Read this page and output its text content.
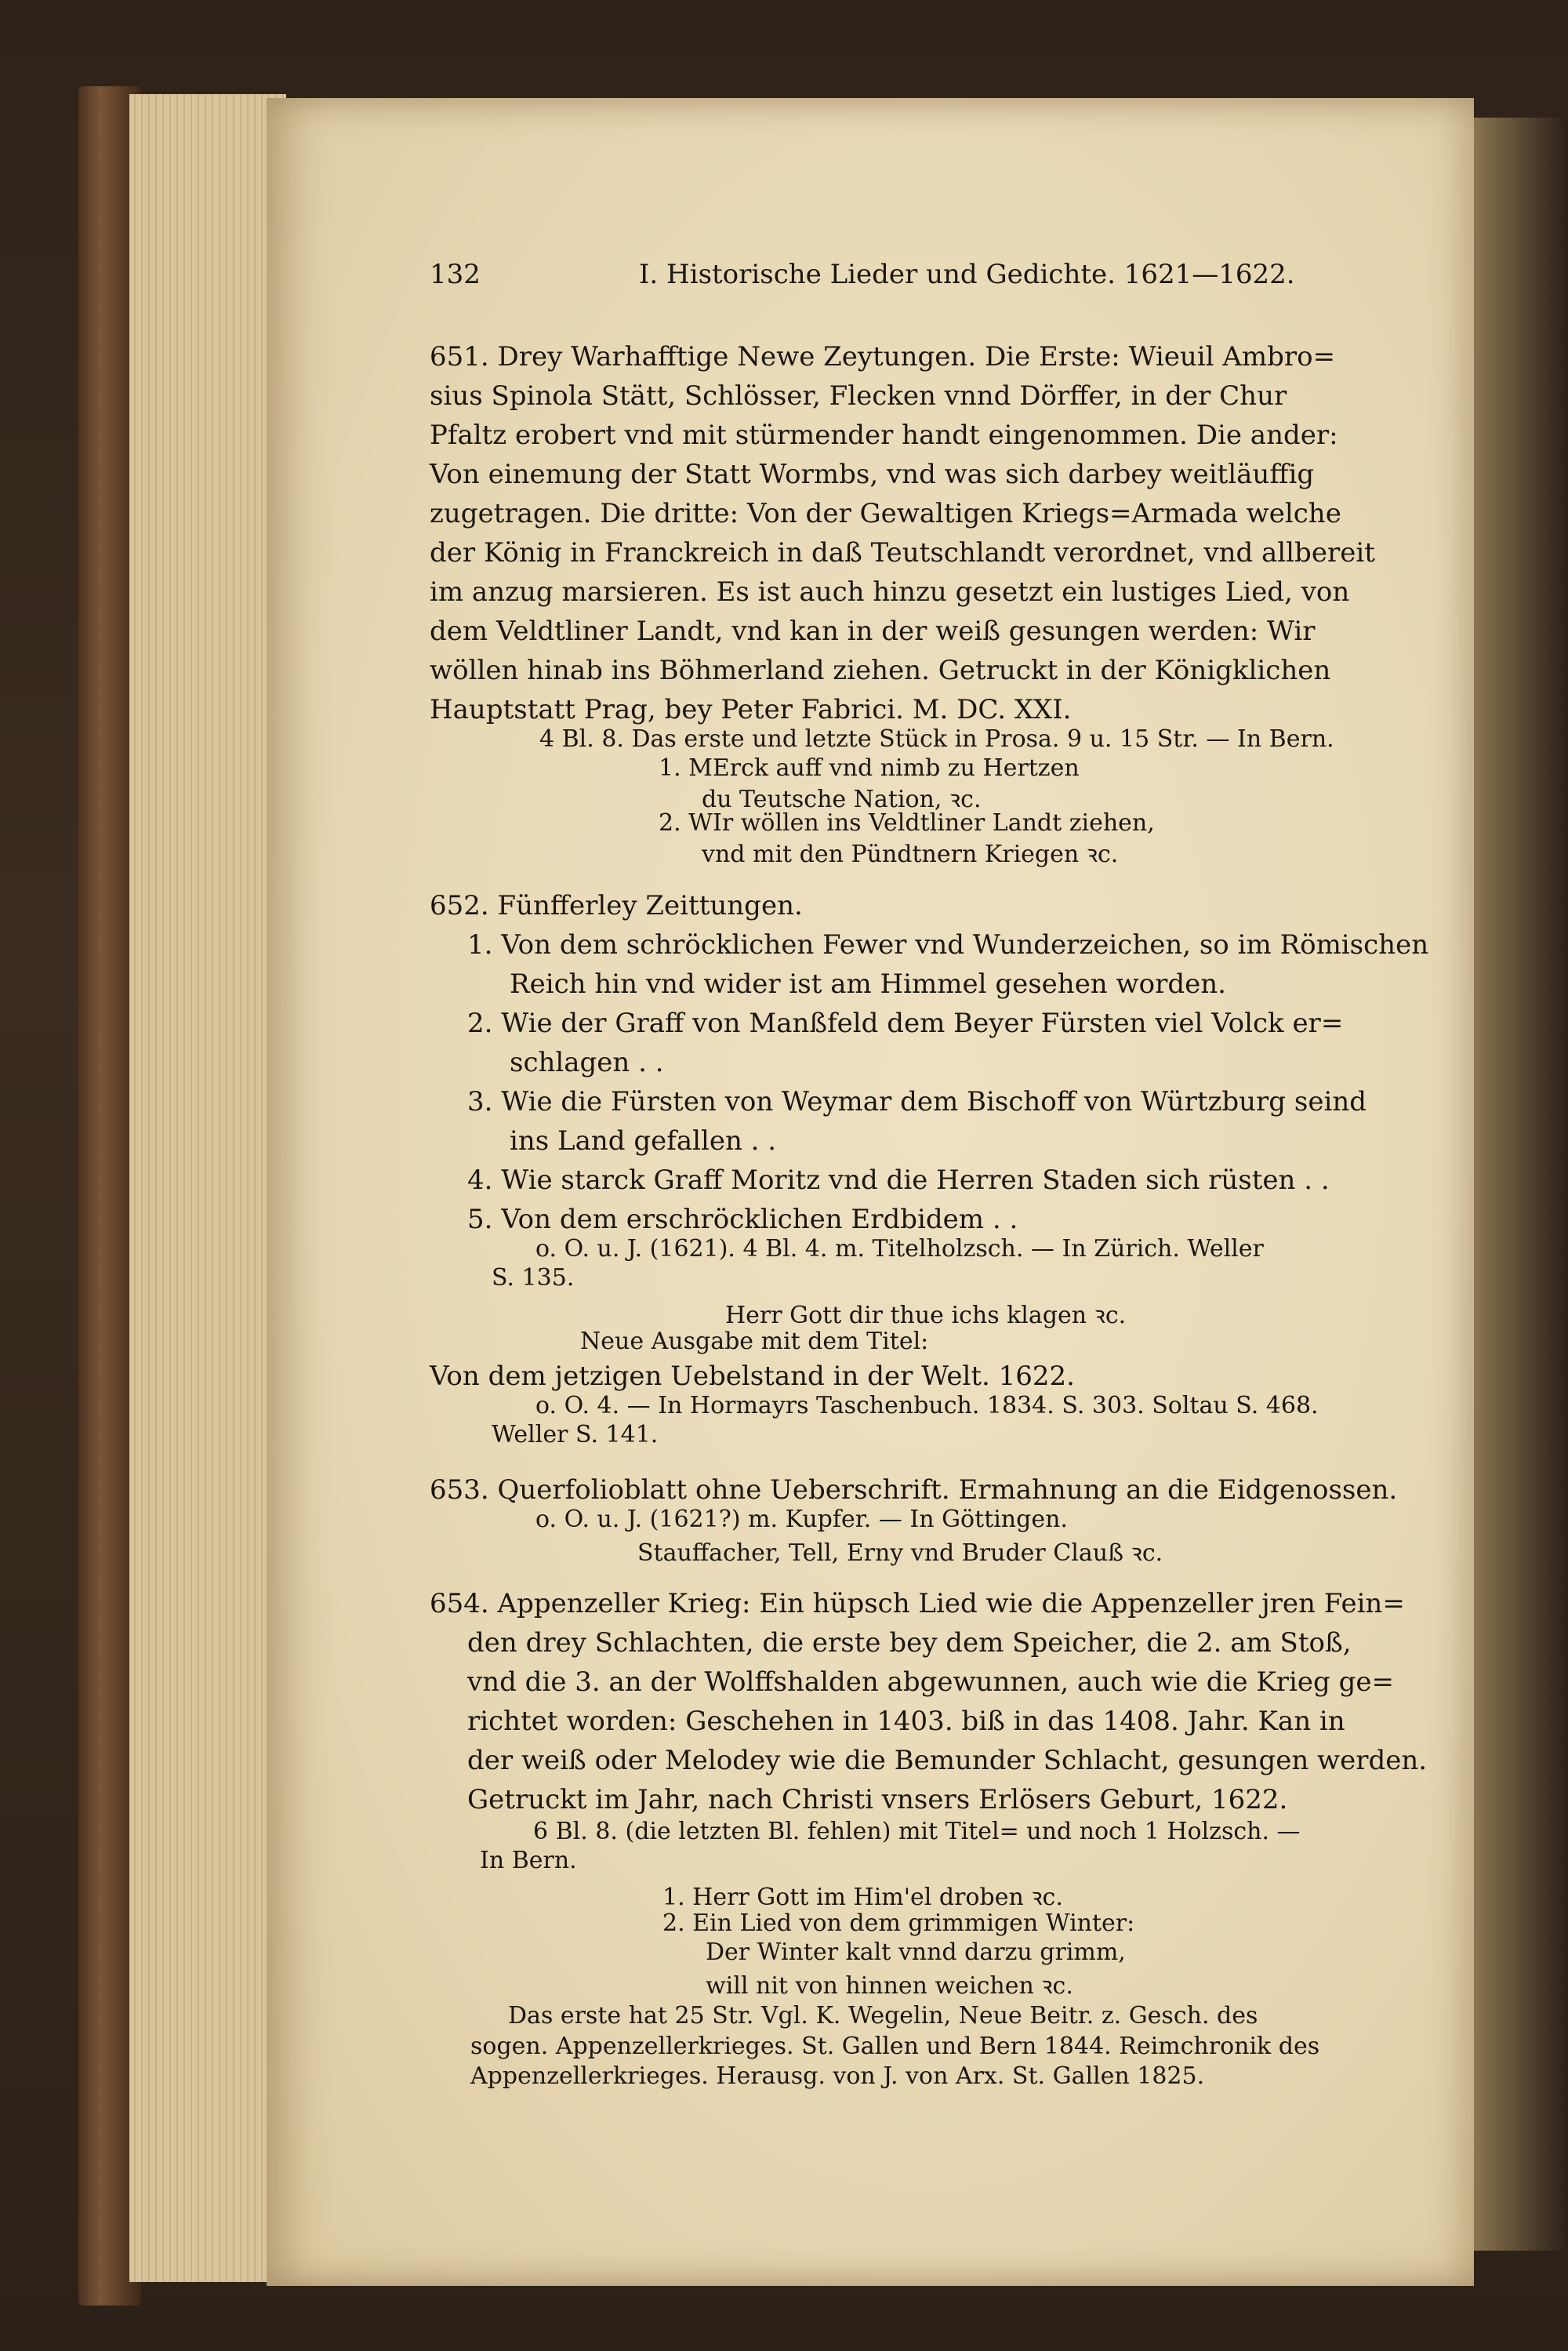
132	I. Historische Lieder und Gedichte. 1621—1622.
651. Drey Warhafftige Newe Zeytungen. Die Erste: Wieuil Ambro=
sius Spinola Stätt, Schlösser, Flecken vnnd Dörffer, in der Chur
Pfaltz erobert vnd mit stürmender handt eingenommen. Die ander:
Von einemung der Statt Wormbs, vnd was sich darbey weitläuffig
zugetragen. Die dritte: Von der Gewaltigen Kriegs=Armada welche
der König in Franckreich in daß Teutschlandt verordnet, vnd allbereit
im anzug marsieren. Es ist auch hinzu gesetzt ein lustiges Lied, von
dem Veldtliner Landt, vnd kan in der weiß gesungen werden: Wir
wöllen hinab ins Böhmerland ziehen. Getruckt in der Königklichen
Hauptstatt Prag, bey Peter Fabrici. M. DC. XXI.
4 Bl. 8. Das erste und letzte Stück in Prosa. 9 u. 15 Str. — In Bern.
1. MErck auff vnd nimb zu Hertzen
du Teutsche Nation, ꝛc.
2. WIr wöllen ins Veldtliner Landt ziehen,
vnd mit den Pündtnern Kriegen ꝛc.
652. Fünfferley Zeittungen.
1. Von dem schröcklichen Fewer vnd Wunderzeichen, so im Römischen
Reich hin vnd wider ist am Himmel gesehen worden.
2. Wie der Graff von Manßfeld dem Beyer Fürsten viel Volck er=
schlagen . .
3. Wie die Fürsten von Weymar dem Bischoff von Würtzburg seind
ins Land gefallen . .
4. Wie starck Graff Moritz vnd die Herren Staden sich rüsten . .
5. Von dem erschröcklichen Erdbidem . .
o. O. u. J. (1621). 4 Bl. 4. m. Titelholzsch. — In Zürich. Weller
S. 135.
Herr Gott dir thue ichs klagen ꝛc.
Neue Ausgabe mit dem Titel:
Von dem jetzigen Uebelstand in der Welt. 1622.
o. O. 4. — In Hormayrs Taschenbuch. 1834. S. 303. Soltau S. 468.
Weller S. 141.
653. Querfolioblatt ohne Ueberschrift. Ermahnung an die Eidgenossen.
o. O. u. J. (1621?) m. Kupfer. — In Göttingen.
Stauffacher, Tell, Erny vnd Bruder Clauß ꝛc.
654. Appenzeller Krieg: Ein hüpsch Lied wie die Appenzeller jren Fein=
den drey Schlachten, die erste bey dem Speicher, die 2. am Stoß,
vnd die 3. an der Wolffshalden abgewunnen, auch wie die Krieg ge=
richtet worden: Geschehen in 1403. biß in das 1408. Jahr. Kan in
der weiß oder Melodey wie die Bemunder Schlacht, gesungen werden.
Getruckt im Jahr, nach Christi vnsers Erlösers Geburt, 1622.
6 Bl. 8. (die letzten Bl. fehlen) mit Titel= und noch 1 Holzsch. —
In Bern.
1. Herr Gott im Him'el droben ꝛc.
2. Ein Lied von dem grimmigen Winter:
Der Winter kalt vnnd darzu grimm,
will nit von hinnen weichen ꝛc.
Das erste hat 25 Str. Vgl. K. Wegelin, Neue Beitr. z. Gesch. des
sogen. Appenzellerkrieges. St. Gallen und Bern 1844. Reimchronik des
Appenzellerkrieges. Herausg. von J. von Arx. St. Gallen 1825.
